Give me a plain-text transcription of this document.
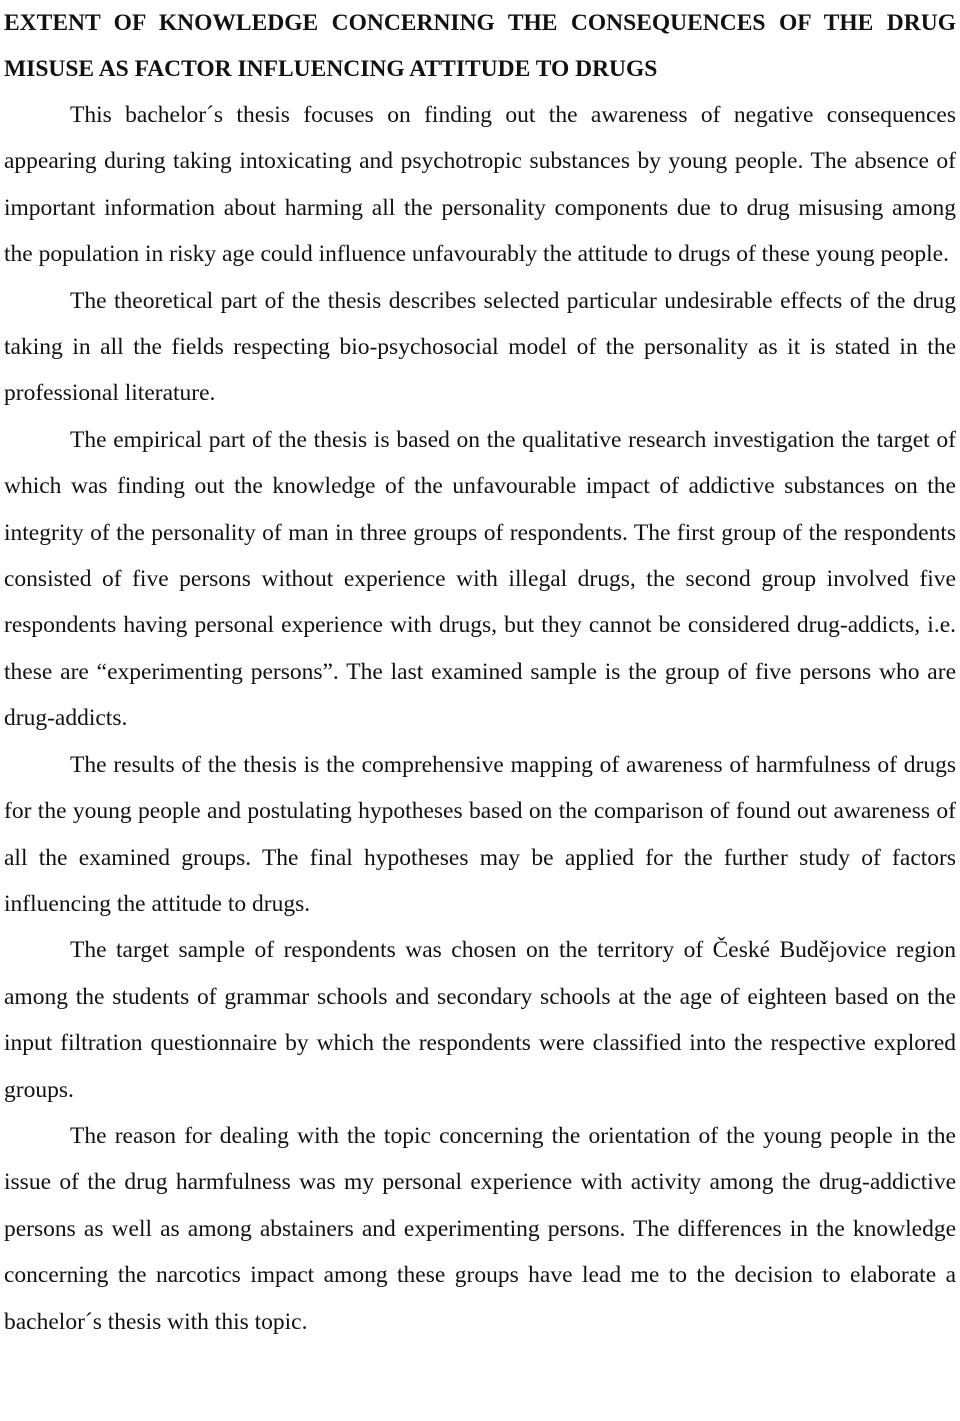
EXTENT OF KNOWLEDGE CONCERNING THE CONSEQUENCES OF THE DRUG MISUSE AS FACTOR INFLUENCING ATTITUDE TO DRUGS

This bachelor´s thesis focuses on finding out the awareness of negative consequences appearing during taking intoxicating and psychotropic substances by young people. The absence of important information about harming all the personality components due to drug misusing among the population in risky age could influence unfavourably the attitude to drugs of these young people.

The theoretical part of the thesis describes selected particular undesirable effects of the drug taking in all the fields respecting bio-psychosocial model of the personality as it is stated in the professional literature.

The empirical part of the thesis is based on the qualitative research investigation the target of which was finding out the knowledge of the unfavourable impact of addictive substances on the integrity of the personality of man in three groups of respondents. The first group of the respondents consisted of five persons without experience with illegal drugs, the second group involved five respondents having personal experience with drugs, but they cannot be considered drug-addicts, i.e. these are “experimenting persons”. The last examined sample is the group of five persons who are drug-addicts.

The results of the thesis is the comprehensive mapping of awareness of harmfulness of drugs for the young people and postulating hypotheses based on the comparison of found out awareness of all the examined groups. The final hypotheses may be applied for the further study of factors influencing the attitude to drugs.

The target sample of respondents was chosen on the territory of České Budějovice region among the students of grammar schools and secondary schools at the age of eighteen based on the input filtration questionnaire by which the respondents were classified into the respective explored groups.

The reason for dealing with the topic concerning the orientation of the young people in the issue of the drug harmfulness was my personal experience with activity among the drug-addictive persons as well as among abstainers and experimenting persons. The differences in the knowledge concerning the narcotics impact among these groups have lead me to the decision to elaborate a bachelor´s thesis with this topic.
